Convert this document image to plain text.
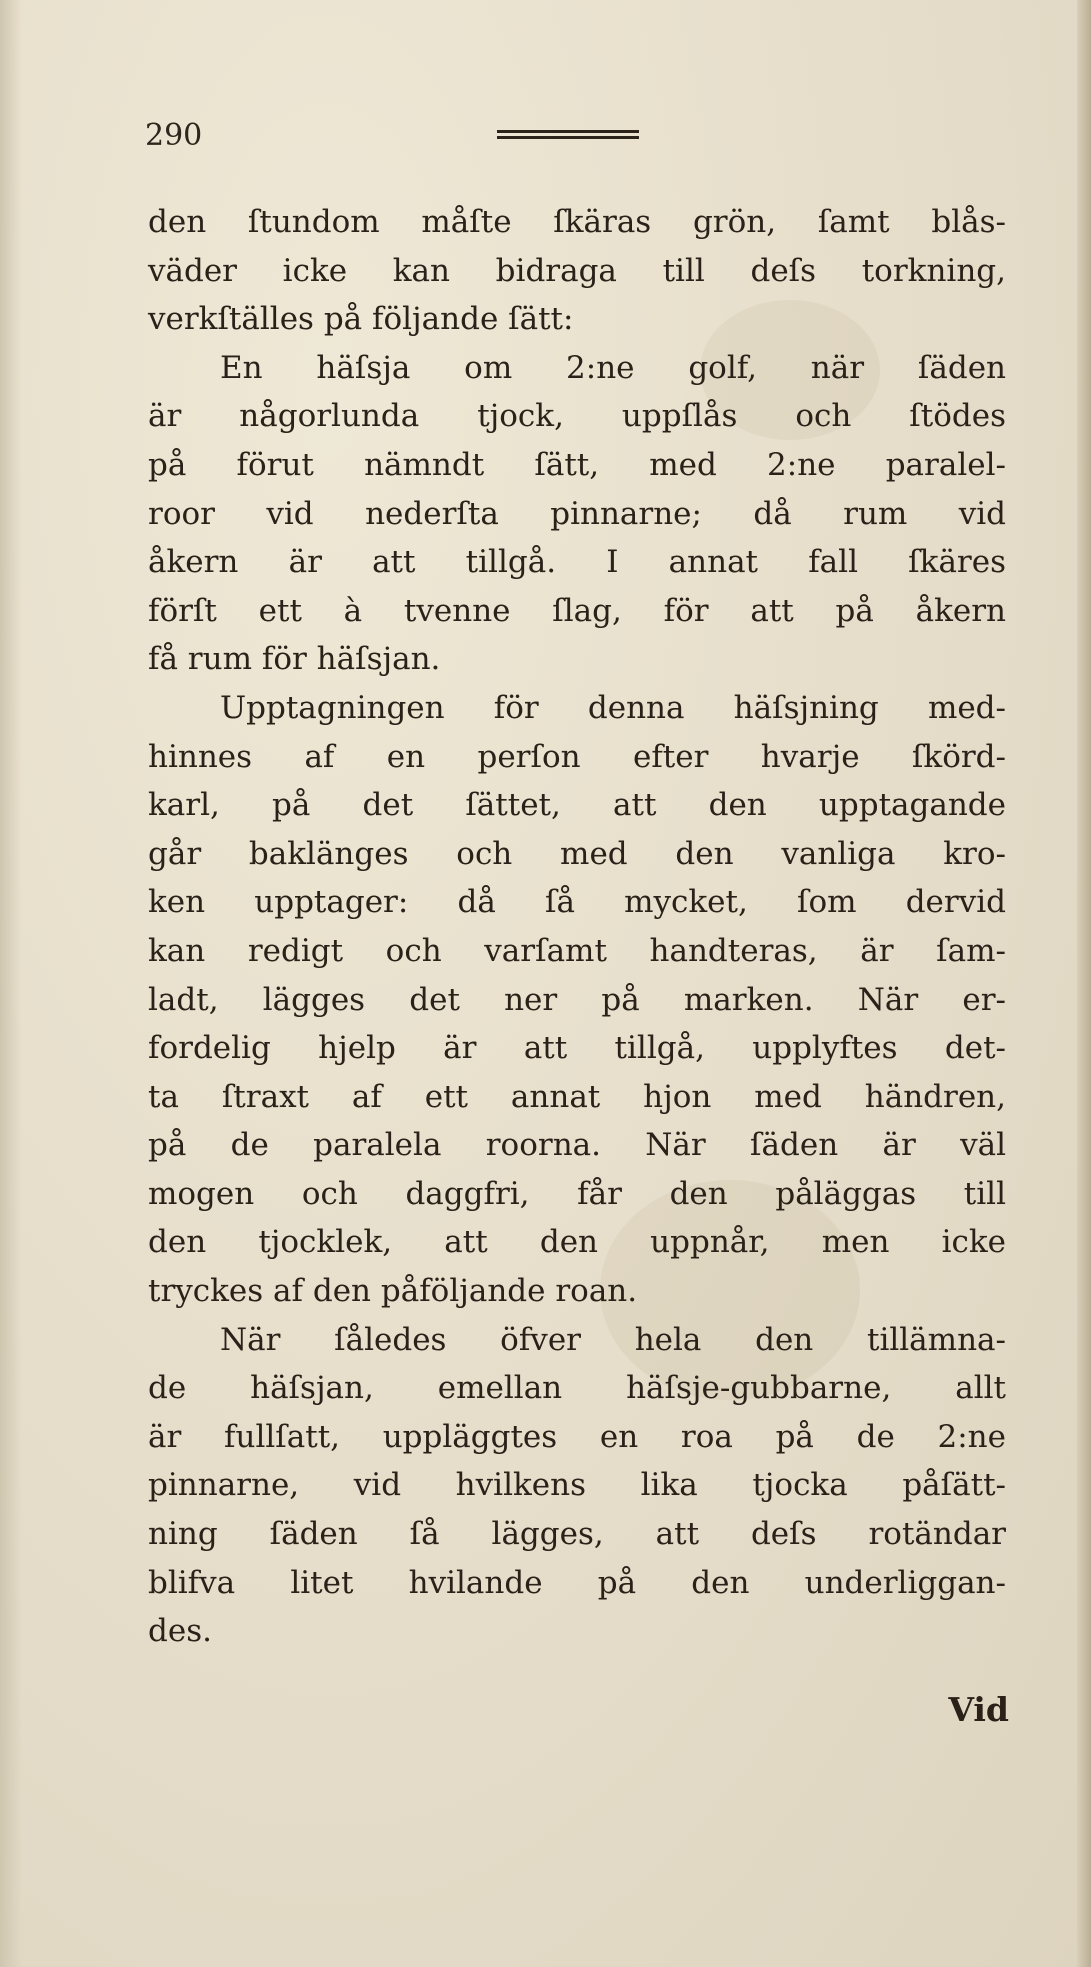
290
den ſtundom måſte ſkäras grön, ſamt blås-
väder icke kan bidraga till deſs torkning,
verkſtälles på följande ſätt:
En häſsja om 2:ne golf, när ſäden
är någorlunda tjock, uppſlås och ſtödes
på förut nämndt ſätt, med 2:ne paralel-
roor vid nederſta pinnarne; då rum vid
åkern är att tillgå. I annat fall ſkäres
förſt ett à tvenne ſlag, för att på åkern
få rum för häſsjan.
Upptagningen för denna häſsjning med-
hinnes af en perſon efter hvarje ſkörd-
karl, på det ſättet, att den upptagande
går baklänges och med den vanliga kro-
ken upptager: då ſå mycket, ſom dervid
kan redigt och varſamt handteras, är ſam-
ladt, lägges det ner på marken. När er-
fordelig hjelp är att tillgå, upplyftes det-
ta ſtraxt af ett annat hjon med händren,
på de paralela roorna. När ſäden är väl
mogen och daggfri, får den påläggas till
den tjocklek, att den uppnår, men icke
tryckes af den påföljande roan.
När ſåledes öfver hela den tillämna-
de häſsjan, emellan häſsje-gubbarne, allt
är fullſatt, uppläggtes en roa på de 2:ne
pinnarne, vid hvilkens lika tjocka påſätt-
ning ſäden ſå lägges, att deſs rotändar
blifva litet hvilande på den underliggan-
des.
Vid
